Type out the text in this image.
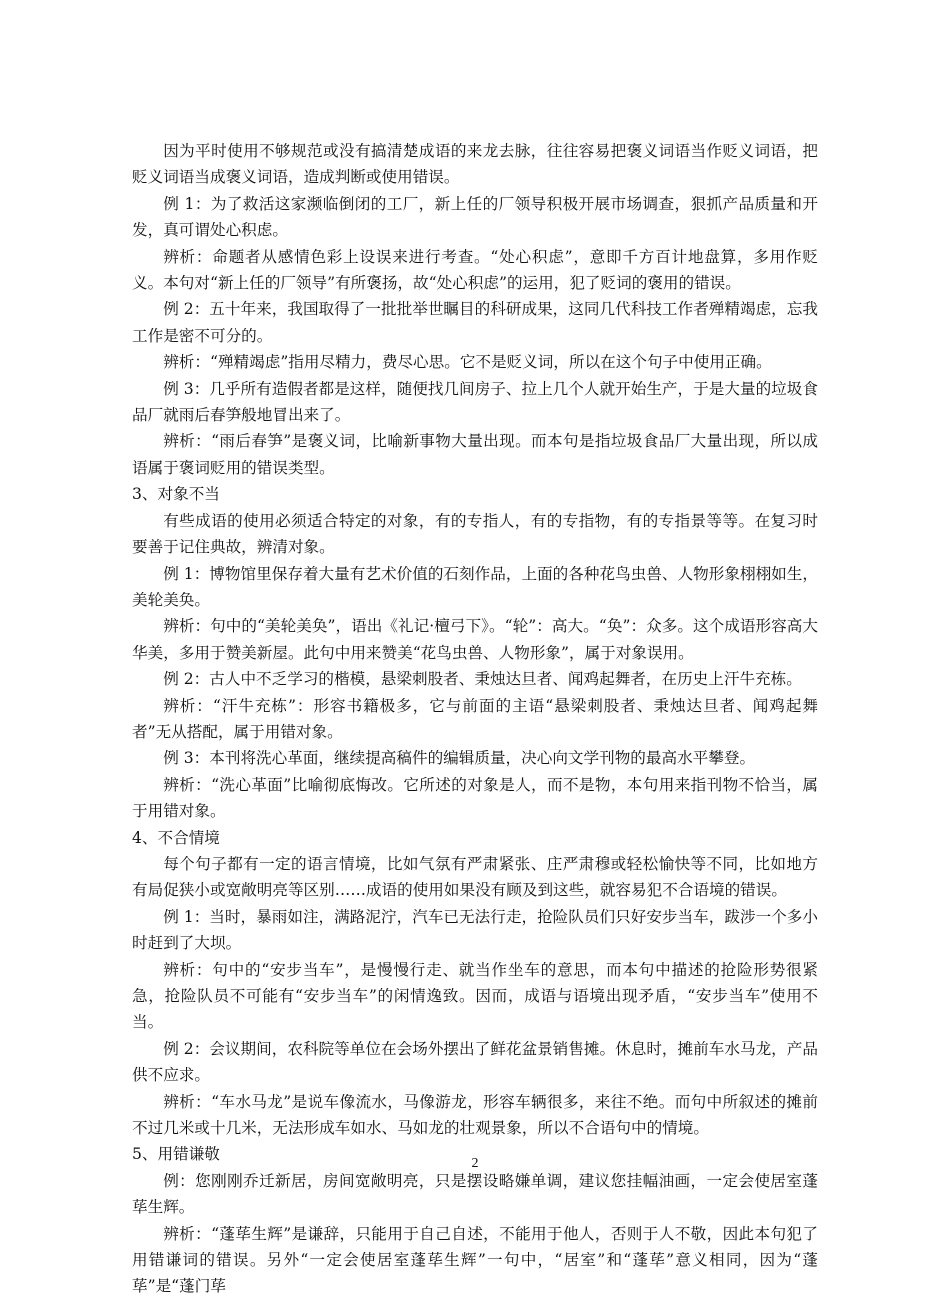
因为平时使用不够规范或没有搞清楚成语的来龙去脉，往往容易把褒义词语当作贬义词语，把贬义词语当成褒义词语，造成判断或使用错误。

例 1：为了救活这家濒临倒闭的工厂，新上任的厂领导积极开展市场调查，狠抓产品质量和开发，真可谓处心积虑。

辨析：命题者从感情色彩上设误来进行考查。“处心积虑”，意即千方百计地盘算，多用作贬义。本句对“新上任的厂领导”有所褒扬，故“处心积虑”的运用，犯了贬词的褒用的错误。

例 2：五十年来，我国取得了一批批举世瞩目的科研成果，这同几代科技工作者殚精竭虑，忘我工作是密不可分的。

辨析：“殚精竭虑”指用尽精力，费尽心思。它不是贬义词，所以在这个句子中使用正确。

例 3：几乎所有造假者都是这样，随便找几间房子、拉上几个人就开始生产，于是大量的垃圾食品厂就雨后春笋般地冒出来了。

辨析：“雨后春笋”是褒义词，比喻新事物大量出现。而本句是指垃圾食品厂大量出现，所以成语属于褒词贬用的错误类型。

3、对象不当

有些成语的使用必须适合特定的对象，有的专指人，有的专指物，有的专指景等等。在复习时要善于记住典故，辨清对象。

例 1：博物馆里保存着大量有艺术价值的石刻作品，上面的各种花鸟虫兽、人物形象栩栩如生，美轮美奂。

辨析：句中的“美轮美奂”，语出《礼记·檀弓下》。“轮”：高大。“奂”：众多。这个成语形容高大华美，多用于赞美新屋。此句中用来赞美“花鸟虫兽、人物形象”，属于对象误用。

例 2：古人中不乏学习的楷模，悬梁刺股者、秉烛达旦者、闻鸡起舞者，在历史上汗牛充栋。

辨析：“汗牛充栋”：形容书籍极多，它与前面的主语“悬梁刺股者、秉烛达旦者、闻鸡起舞者”无从搭配，属于用错对象。

例 3：本刊将洗心革面，继续提高稿件的编辑质量，决心向文学刊物的最高水平攀登。

辨析：“洗心革面”比喻彻底悔改。它所述的对象是人，而不是物，本句用来指刊物不恰当，属于用错对象。

4、不合情境

每个句子都有一定的语言情境，比如气氛有严肃紧张、庄严肃穆或轻松愉快等不同，比如地方有局促狭小或宽敞明亮等区别……成语的使用如果没有顾及到这些，就容易犯不合语境的错误。

例 1：当时，暴雨如注，满路泥泞，汽车已无法行走，抢险队员们只好安步当车，跋涉一个多小时赶到了大坝。

辨析：句中的“安步当车”，是慢慢行走、就当作坐车的意思，而本句中描述的抢险形势很紧急，抢险队员不可能有“安步当车”的闲情逸致。因而，成语与语境出现矛盾，“安步当车”使用不当。

例 2：会议期间，农科院等单位在会场外摆出了鲜花盆景销售摊。休息时，摊前车水马龙，产品供不应求。

辨析：“车水马龙”是说车像流水，马像游龙，形容车辆很多，来往不绝。而句中所叙述的摊前不过几米或十几米，无法形成车如水、马如龙的壮观景象，所以不合语句中的情境。

5、用错谦敬

例：您刚刚乔迁新居，房间宽敞明亮，只是摆设略嫌单调，建议您挂幅油画，一定会使居室蓬荜生辉。

辨析：“蓬荜生辉”是谦辞，只能用于自己自述，不能用于他人，否则于人不敬，因此本句犯了用错谦词的错误。另外“一定会使居室蓬荜生辉”一句中，“居室”和“蓬荜”意义相同，因为“蓬荜”是“蓬门荜

2
